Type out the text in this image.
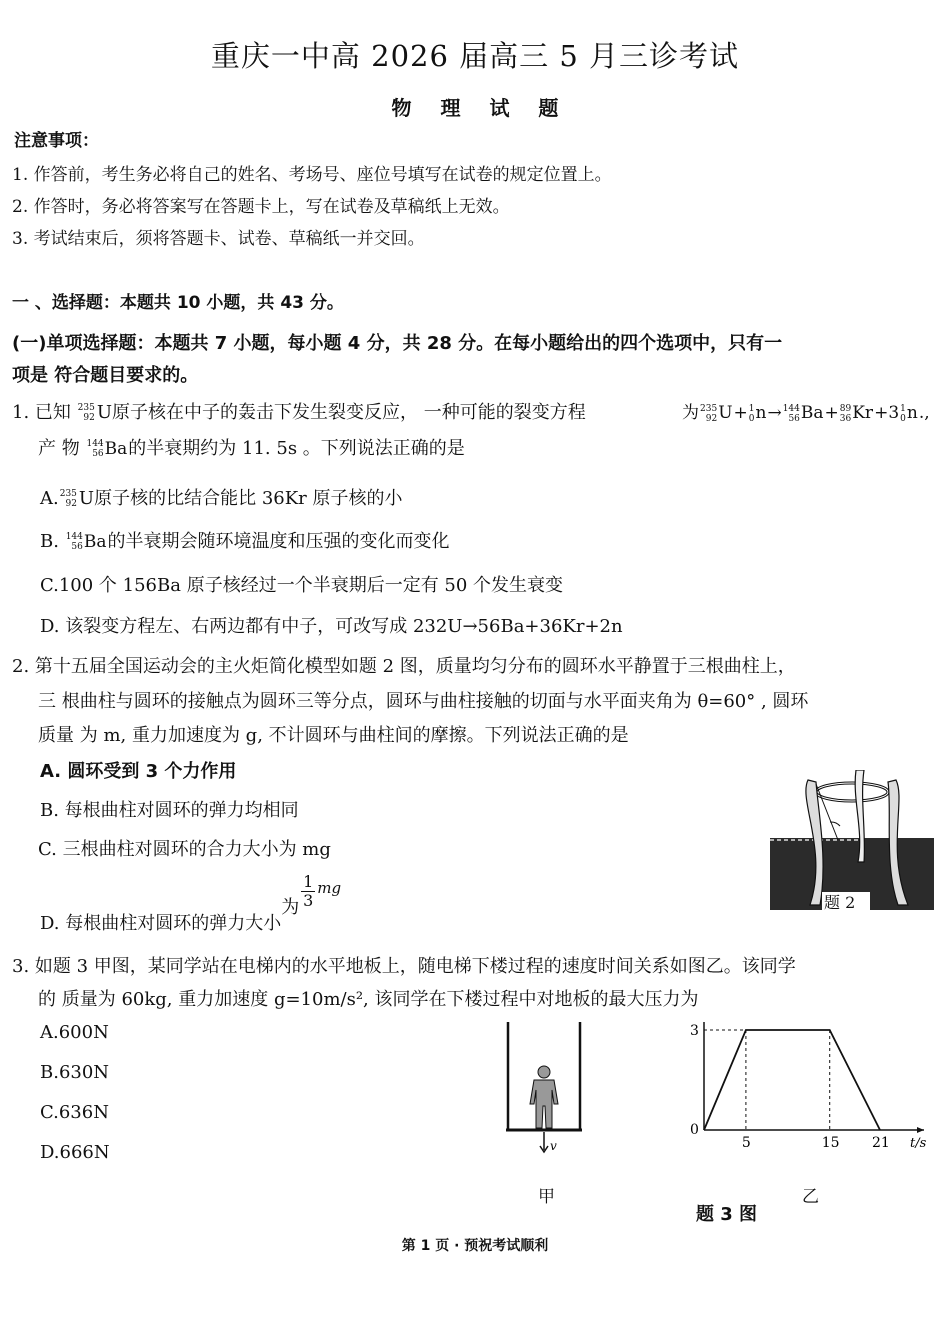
重庆一中高 2026 届高三 5 月三诊考试
物 理 试 题
注意事项：
1. 作答前，考生务必将自己的姓名、考场号、座位号填写在试卷的规定位置上。
2. 作答时，务必将答案写在答题卡上，写在试卷及草稿纸上无效。
3. 考试结束后，须将答题卡、试卷、草稿纸一并交回。
一 、选择题：本题共 10 小题，共 43 分。
(一)单项选择题：本题共 7 小题，每小题 4 分，共 28 分。在每小题给出的四个选项中，只有一
项是 符合题目要求的。
1. 已知 235
92 U原子核在中子的轰击下发生裂变反应， 一种可能的裂变方程	为 235
92 U+ 1
0 n→ 144
56 Ba+ 89
36 Kr+3 1
0 n.,
产 物 144
56 Ba的半衰期约为 11. 5s 。下列说法正确的是
A. 235
92 U原子核的比结合能比 36Kr 原子核的小
B. 144
56 Ba的半衰期会随环境温度和压强的变化而变化
C.100 个 156Ba 原子核经过一个半衰期后一定有 50 个发生衰变
D. 该裂变方程左、右两边都有中子，可改写成 232U→56Ba+36Kr+2n
2. 第十五届全国运动会的主火炬简化模型如题 2 图，质量均匀分布的圆环水平静置于三根曲柱上，
三 根曲柱与圆环的接触点为圆环三等分点，圆环与曲柱接触的切面与水平面夹角为 θ=60° , 圆环
质量 为 m, 重力加速度为 g, 不计圆环与曲柱间的摩擦。下列说法正确的是
A. 圆环受到 3 个力作用
B. 每根曲柱对圆环的弹力均相同
C. 三根曲柱对圆环的合力大小为 mg
D. 每根曲柱对圆环的弹力大小为 $\frac{1}{3} ^{mg}$
θ
题 2
3. 如题 3 甲图，某同学站在电梯内的水平地板上，随电梯下楼过程的速度时间关系如图乙。该同学
的 质量为 60kg, 重力加速度 g=10m/s², 该同学在下楼过程中对地板的最大压力为
A.600N
B.630N
C.636N
D.666N	v
甲
0
5	15 21
3
t/s
乙
题 3 图
第 1 页 · 预祝考试顺利
